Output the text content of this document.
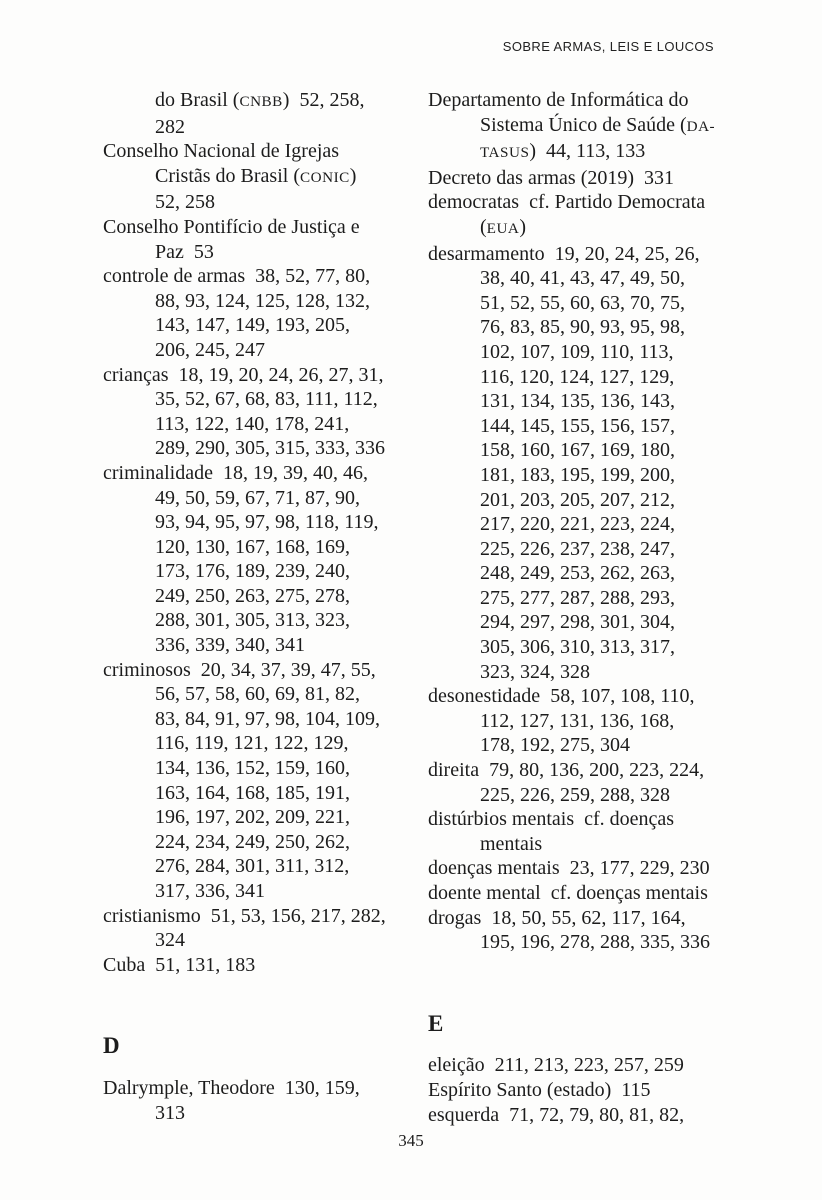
SOBRE ARMAS, LEIS E LOUCOS
do Brasil (CNBB)  52, 258,
282
Conselho Nacional de Igrejas
Cristãs do Brasil (CONIC)
52, 258
Conselho Pontifício de Justiça e
Paz  53
controle de armas  38, 52, 77, 80,
88, 93, 124, 125, 128, 132,
143, 147, 149, 193, 205,
206, 245, 247
crianças  18, 19, 20, 24, 26, 27, 31,
35, 52, 67, 68, 83, 111, 112,
113, 122, 140, 178, 241,
289, 290, 305, 315, 333, 336
criminalidade  18, 19, 39, 40, 46,
49, 50, 59, 67, 71, 87, 90,
93, 94, 95, 97, 98, 118, 119,
120, 130, 167, 168, 169,
173, 176, 189, 239, 240,
249, 250, 263, 275, 278,
288, 301, 305, 313, 323,
336, 339, 340, 341
criminosos  20, 34, 37, 39, 47, 55,
56, 57, 58, 60, 69, 81, 82,
83, 84, 91, 97, 98, 104, 109,
116, 119, 121, 122, 129,
134, 136, 152, 159, 160,
163, 164, 168, 185, 191,
196, 197, 202, 209, 221,
224, 234, 249, 250, 262,
276, 284, 301, 311, 312,
317, 336, 341
cristianismo  51, 53, 156, 217, 282,
324
Cuba  51, 131, 183
D
Dalrymple, Theodore  130, 159,
313
Departamento de Informática do
Sistema Único de Saúde (DA-
TASUS)  44, 113, 133
Decreto das armas (2019)  331
democratas  cf. Partido Democrata
(EUA)
desarmamento  19, 20, 24, 25, 26,
38, 40, 41, 43, 47, 49, 50,
51, 52, 55, 60, 63, 70, 75,
76, 83, 85, 90, 93, 95, 98,
102, 107, 109, 110, 113,
116, 120, 124, 127, 129,
131, 134, 135, 136, 143,
144, 145, 155, 156, 157,
158, 160, 167, 169, 180,
181, 183, 195, 199, 200,
201, 203, 205, 207, 212,
217, 220, 221, 223, 224,
225, 226, 237, 238, 247,
248, 249, 253, 262, 263,
275, 277, 287, 288, 293,
294, 297, 298, 301, 304,
305, 306, 310, 313, 317,
323, 324, 328
desonestidade  58, 107, 108, 110,
112, 127, 131, 136, 168,
178, 192, 275, 304
direita  79, 80, 136, 200, 223, 224,
225, 226, 259, 288, 328
distúrbios mentais  cf. doenças
mentais
doenças mentais  23, 177, 229, 230
doente mental  cf. doenças mentais
drogas  18, 50, 55, 62, 117, 164,
195, 196, 278, 288, 335, 336
E
eleição  211, 213, 223, 257, 259
Espírito Santo (estado)  115
esquerda  71, 72, 79, 80, 81, 82,
345
